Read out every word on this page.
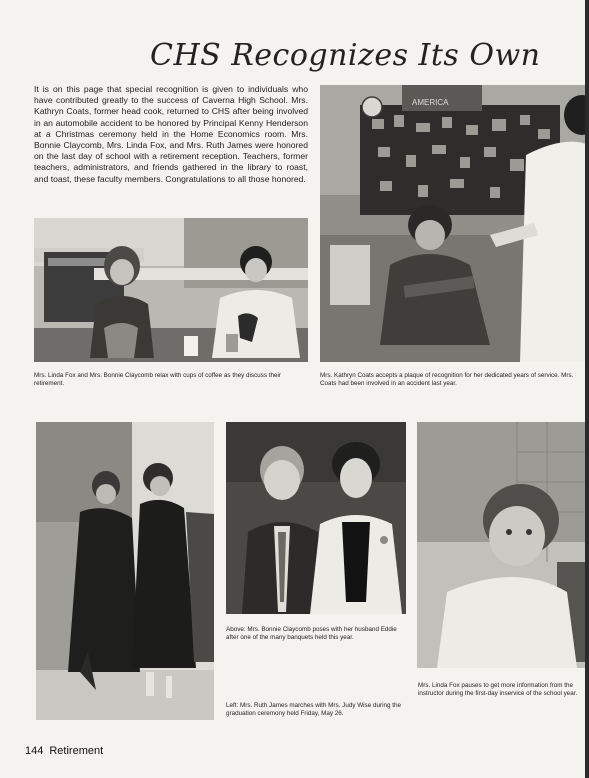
CHS Recognizes Its Own
It is on this page that special recognition is given to individuals who have contributed greatly to the success of Caverna High School. Mrs. Kathryn Coats, former head cook, returned to CHS after being involved in an automobile accident to be honored by Principal Kenny Henderson at a Christmas ceremony held in the Home Economics room. Mrs. Bonnie Claycomb, Mrs. Linda Fox, and Mrs. Ruth James were honored on the last day of school with a retirement reception. Teachers, former teachers, administrators, and friends gathered in the library to roast, and toast, these faculty members. Congratulations to all those honored.
Mrs. Linda Fox and Mrs. Bonnie Claycomb relax with cups of coffee as they discuss their retirement.
AMERICA
Mrs. Kathryn Coats accepts a plaque of recognition for her dedicated years of service. Mrs. Coats had been involved in an accident last year.
Above: Mrs. Bonnie Claycomb poses with her husband Eddie after one of the many banquets held this year.
Left: Mrs. Ruth James marches with Mrs. Judy Wise during the graduation ceremony held Friday, May 26.
Mrs. Linda Fox pauses to get more information from the instructor during the first-day inservice of the school year.
144 Retirement
